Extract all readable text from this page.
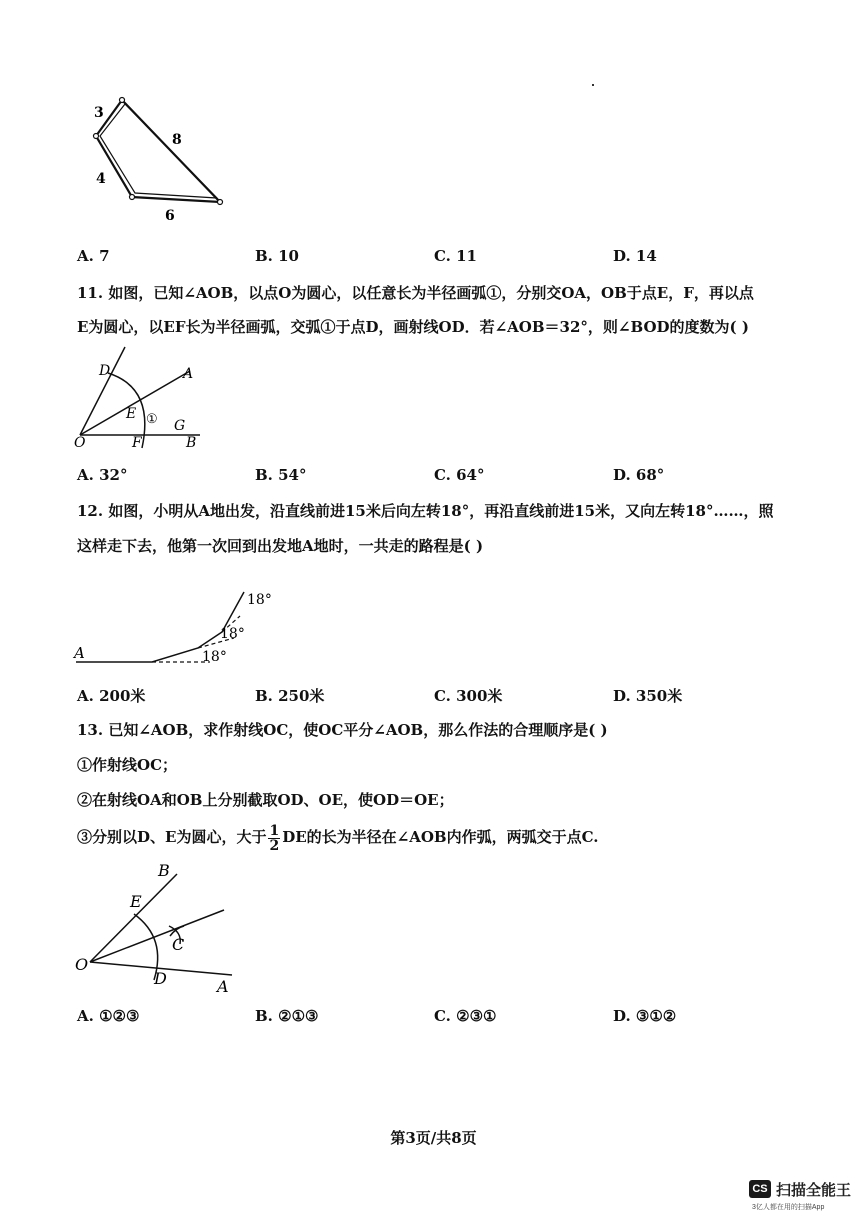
3
8
4
6
A. 7	B. 10	C. 11	D. 14
11. 如图，已知∠AOB，以点O为圆心，以任意长为半径画弧①，分别交OA，OB于点E，F，再以点
E为圆心，以EF长为半径画弧，交弧①于点D，画射线OD．若∠AOB＝32°，则∠BOD的度数为( )
D	A
E ① G
O	F	B
A. 32°	B. 54°	C. 64°	D. 68°
12. 如图，小明从A地出发，沿直线前进15米后向左转18°，再沿直线前进15米，又向左转18°……，照
这样走下去，他第一次回到出发地A地时，一共走的路程是( )
A	18°
18°
18°
A. 200米	B. 250米	C. 300米	D. 350米
13. 已知∠AOB，求作射线OC，使OC平分∠AOB，那么作法的合理顺序是( )
①作射线OC；
②在射线OA和OB上分别截取OD、OE，使OD＝OE；
③分别以D、E为圆心，大于 $\frac{1}{2}$ DE的长为半径在∠AOB内作弧，两弧交于点C.
B
E
C
O
D	A
A. ①②③	B. ②①③	C. ②③①	D. ③①②
第3页/共8页
CS 扫描全能王
3亿人都在用的扫描App
